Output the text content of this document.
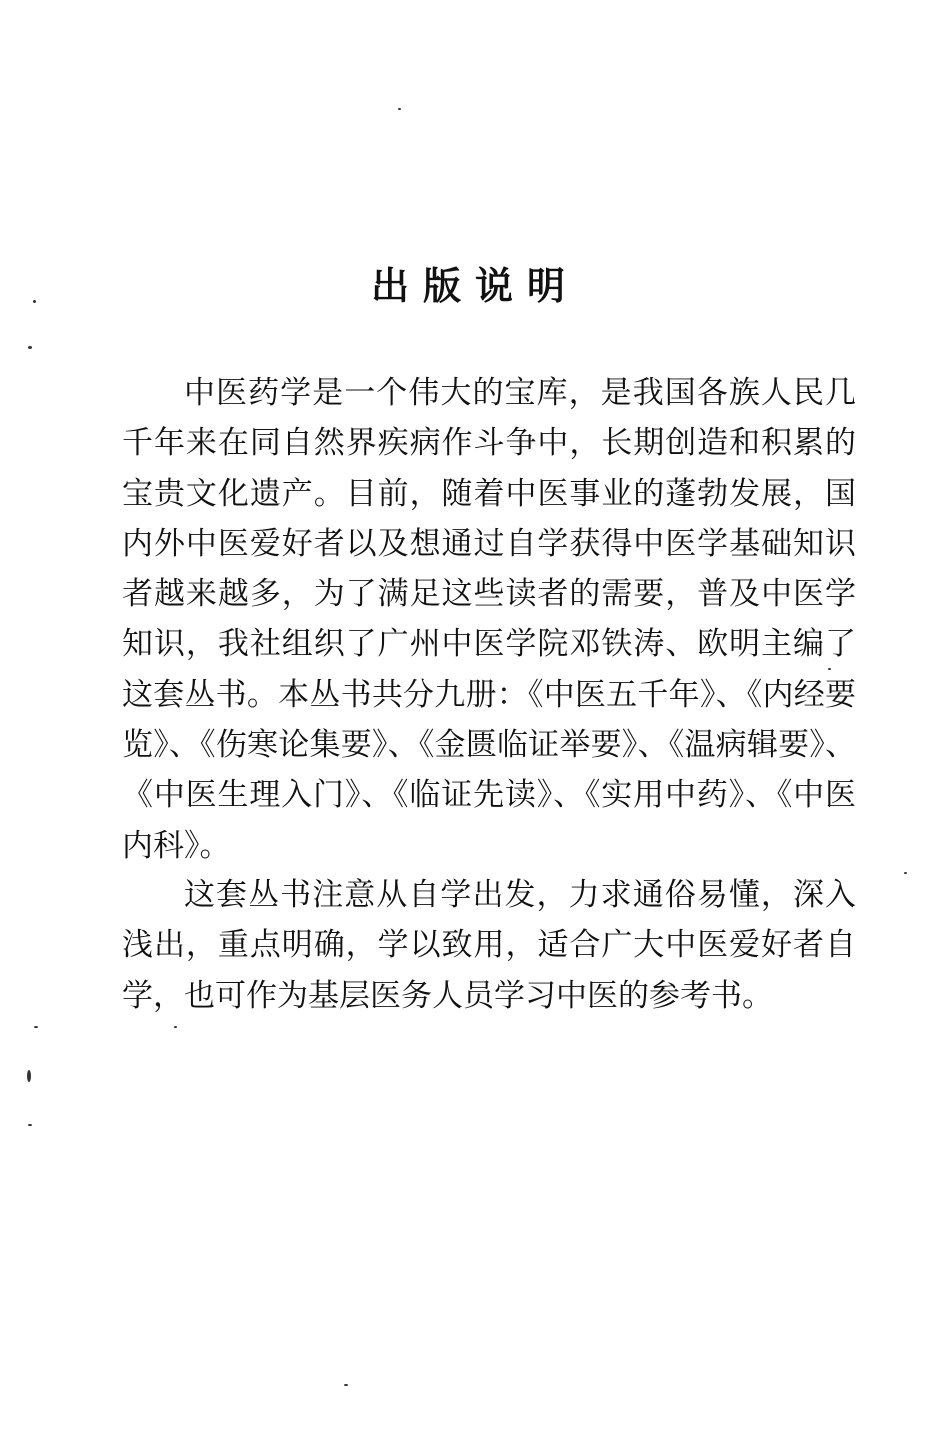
出版说明

中医药学是一个伟大的宝库，是我国各族人民几千年来在同自然界疾病作斗争中，长期创造和积累的宝贵文化遗产。目前，随着中医事业的蓬勃发展，国内外中医爱好者以及想通过自学获得中医学基础知识者越来越多，为了满足这些读者的需要，普及中医学知识，我社组织了广州中医学院邓铁涛、欧明主编了这套丛书。本丛书共分九册：《中医五千年》、《内经要览》、《伤寒论集要》、《金匮临证举要》、《温病辑要》、《中医生理入门》、《临证先读》、《实用中药》、《中医内科》。

这套丛书注意从自学出发，力求通俗易懂，深入浅出，重点明确，学以致用，适合广大中医爱好者自学，也可作为基层医务人员学习中医的参考书。
